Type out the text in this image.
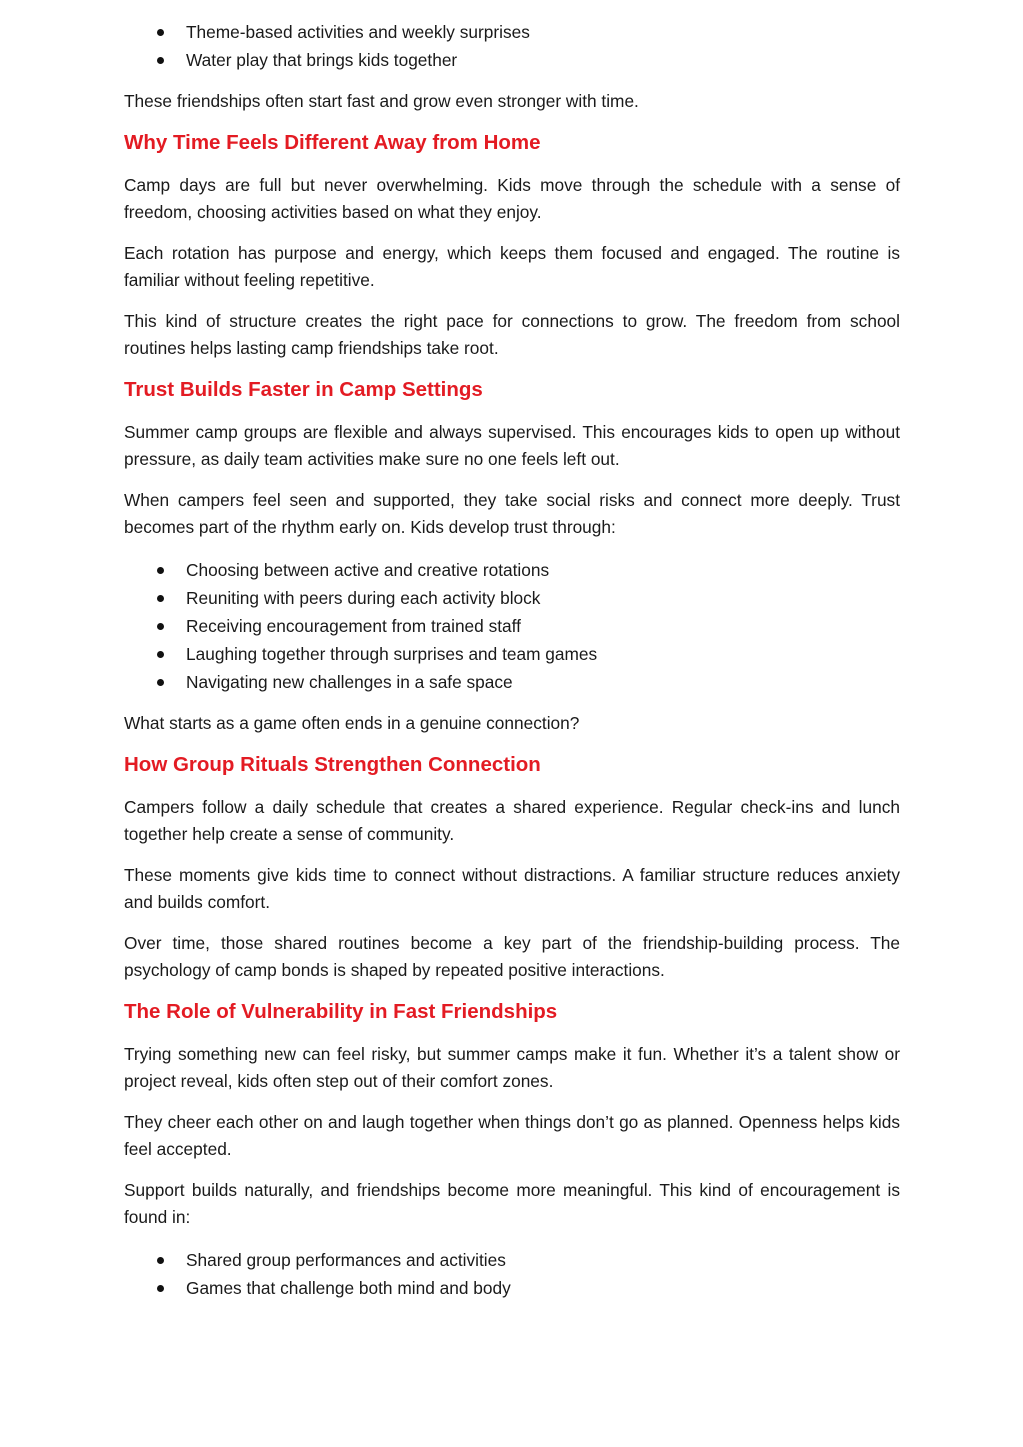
Theme-based activities and weekly surprises
Water play that brings kids together

These friendships often start fast and grow even stronger with time.

Why Time Feels Different Away from Home

Camp days are full but never overwhelming. Kids move through the schedule with a sense of freedom, choosing activities based on what they enjoy.

Each rotation has purpose and energy, which keeps them focused and engaged. The routine is familiar without feeling repetitive.

This kind of structure creates the right pace for connections to grow. The freedom from school routines helps lasting camp friendships take root.

Trust Builds Faster in Camp Settings

Summer camp groups are flexible and always supervised. This encourages kids to open up without pressure, as daily team activities make sure no one feels left out.

When campers feel seen and supported, they take social risks and connect more deeply. Trust becomes part of the rhythm early on. Kids develop trust through:

Choosing between active and creative rotations
Reuniting with peers during each activity block
Receiving encouragement from trained staff
Laughing together through surprises and team games
Navigating new challenges in a safe space

What starts as a game often ends in a genuine connection?

How Group Rituals Strengthen Connection

Campers follow a daily schedule that creates a shared experience. Regular check-ins and lunch together help create a sense of community.

These moments give kids time to connect without distractions. A familiar structure reduces anxiety and builds comfort.

Over time, those shared routines become a key part of the friendship-building process. The psychology of camp bonds is shaped by repeated positive interactions.

The Role of Vulnerability in Fast Friendships

Trying something new can feel risky, but summer camps make it fun. Whether it’s a talent show or project reveal, kids often step out of their comfort zones.

They cheer each other on and laugh together when things don’t go as planned. Openness helps kids feel accepted.

Support builds naturally, and friendships become more meaningful. This kind of encouragement is found in:

Shared group performances and activities
Games that challenge both mind and body
